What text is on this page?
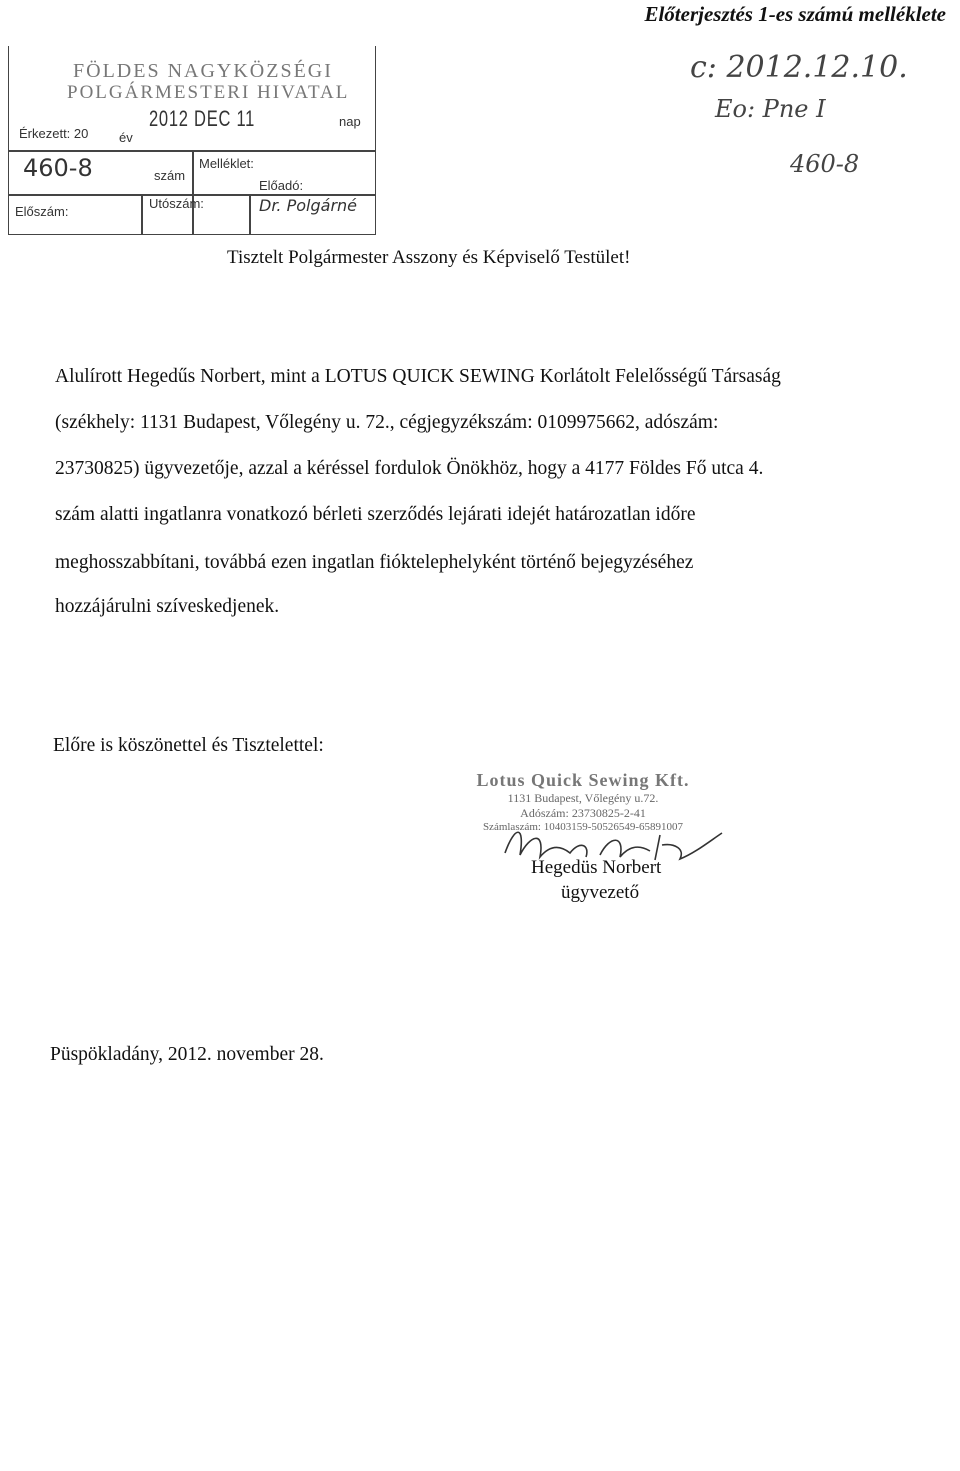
Előterjesztés 1-es számú melléklete
FÖLDES NAGYKÖZSÉGI
POLGÁRMESTERI HIVATAL
Érkezett: 20
2012 DEC 11
év
nap
460-8	szám
Melléklet:
Előszám:
Utószám:
Előadó:
Dr. Polgárné
c: 2012.12.10.
Eo: Pne I
460-8
Tisztelt Polgármester Asszony és Képviselő Testület!
Alulírott Hegedűs Norbert, mint a LOTUS QUICK SEWING Korlátolt Felelősségű Társaság
(székhely: 1131 Budapest, Vőlegény u. 72., cégjegyzékszám: 0109975662, adószám:
23730825) ügyvezetője, azzal a kéréssel fordulok Önökhöz, hogy a 4177 Földes Fő utca 4.
szám alatti ingatlanra vonatkozó bérleti szerződés lejárati idejét határozatlan időre
meghosszabbítani, továbbá ezen ingatlan fióktelephelyként történő bejegyzéséhez
hozzájárulni szíveskedjenek.
Előre is köszönettel és Tisztelettel:
Lotus Quick Sewing Kft.
1131 Budapest, Vőlegény u.72.
Adószám: 23730825-2-41
Számlaszám: 10403159-50526549-65891007
Hegedüs Norbert
ügyvezető
Püspökladány, 2012. november 28.
